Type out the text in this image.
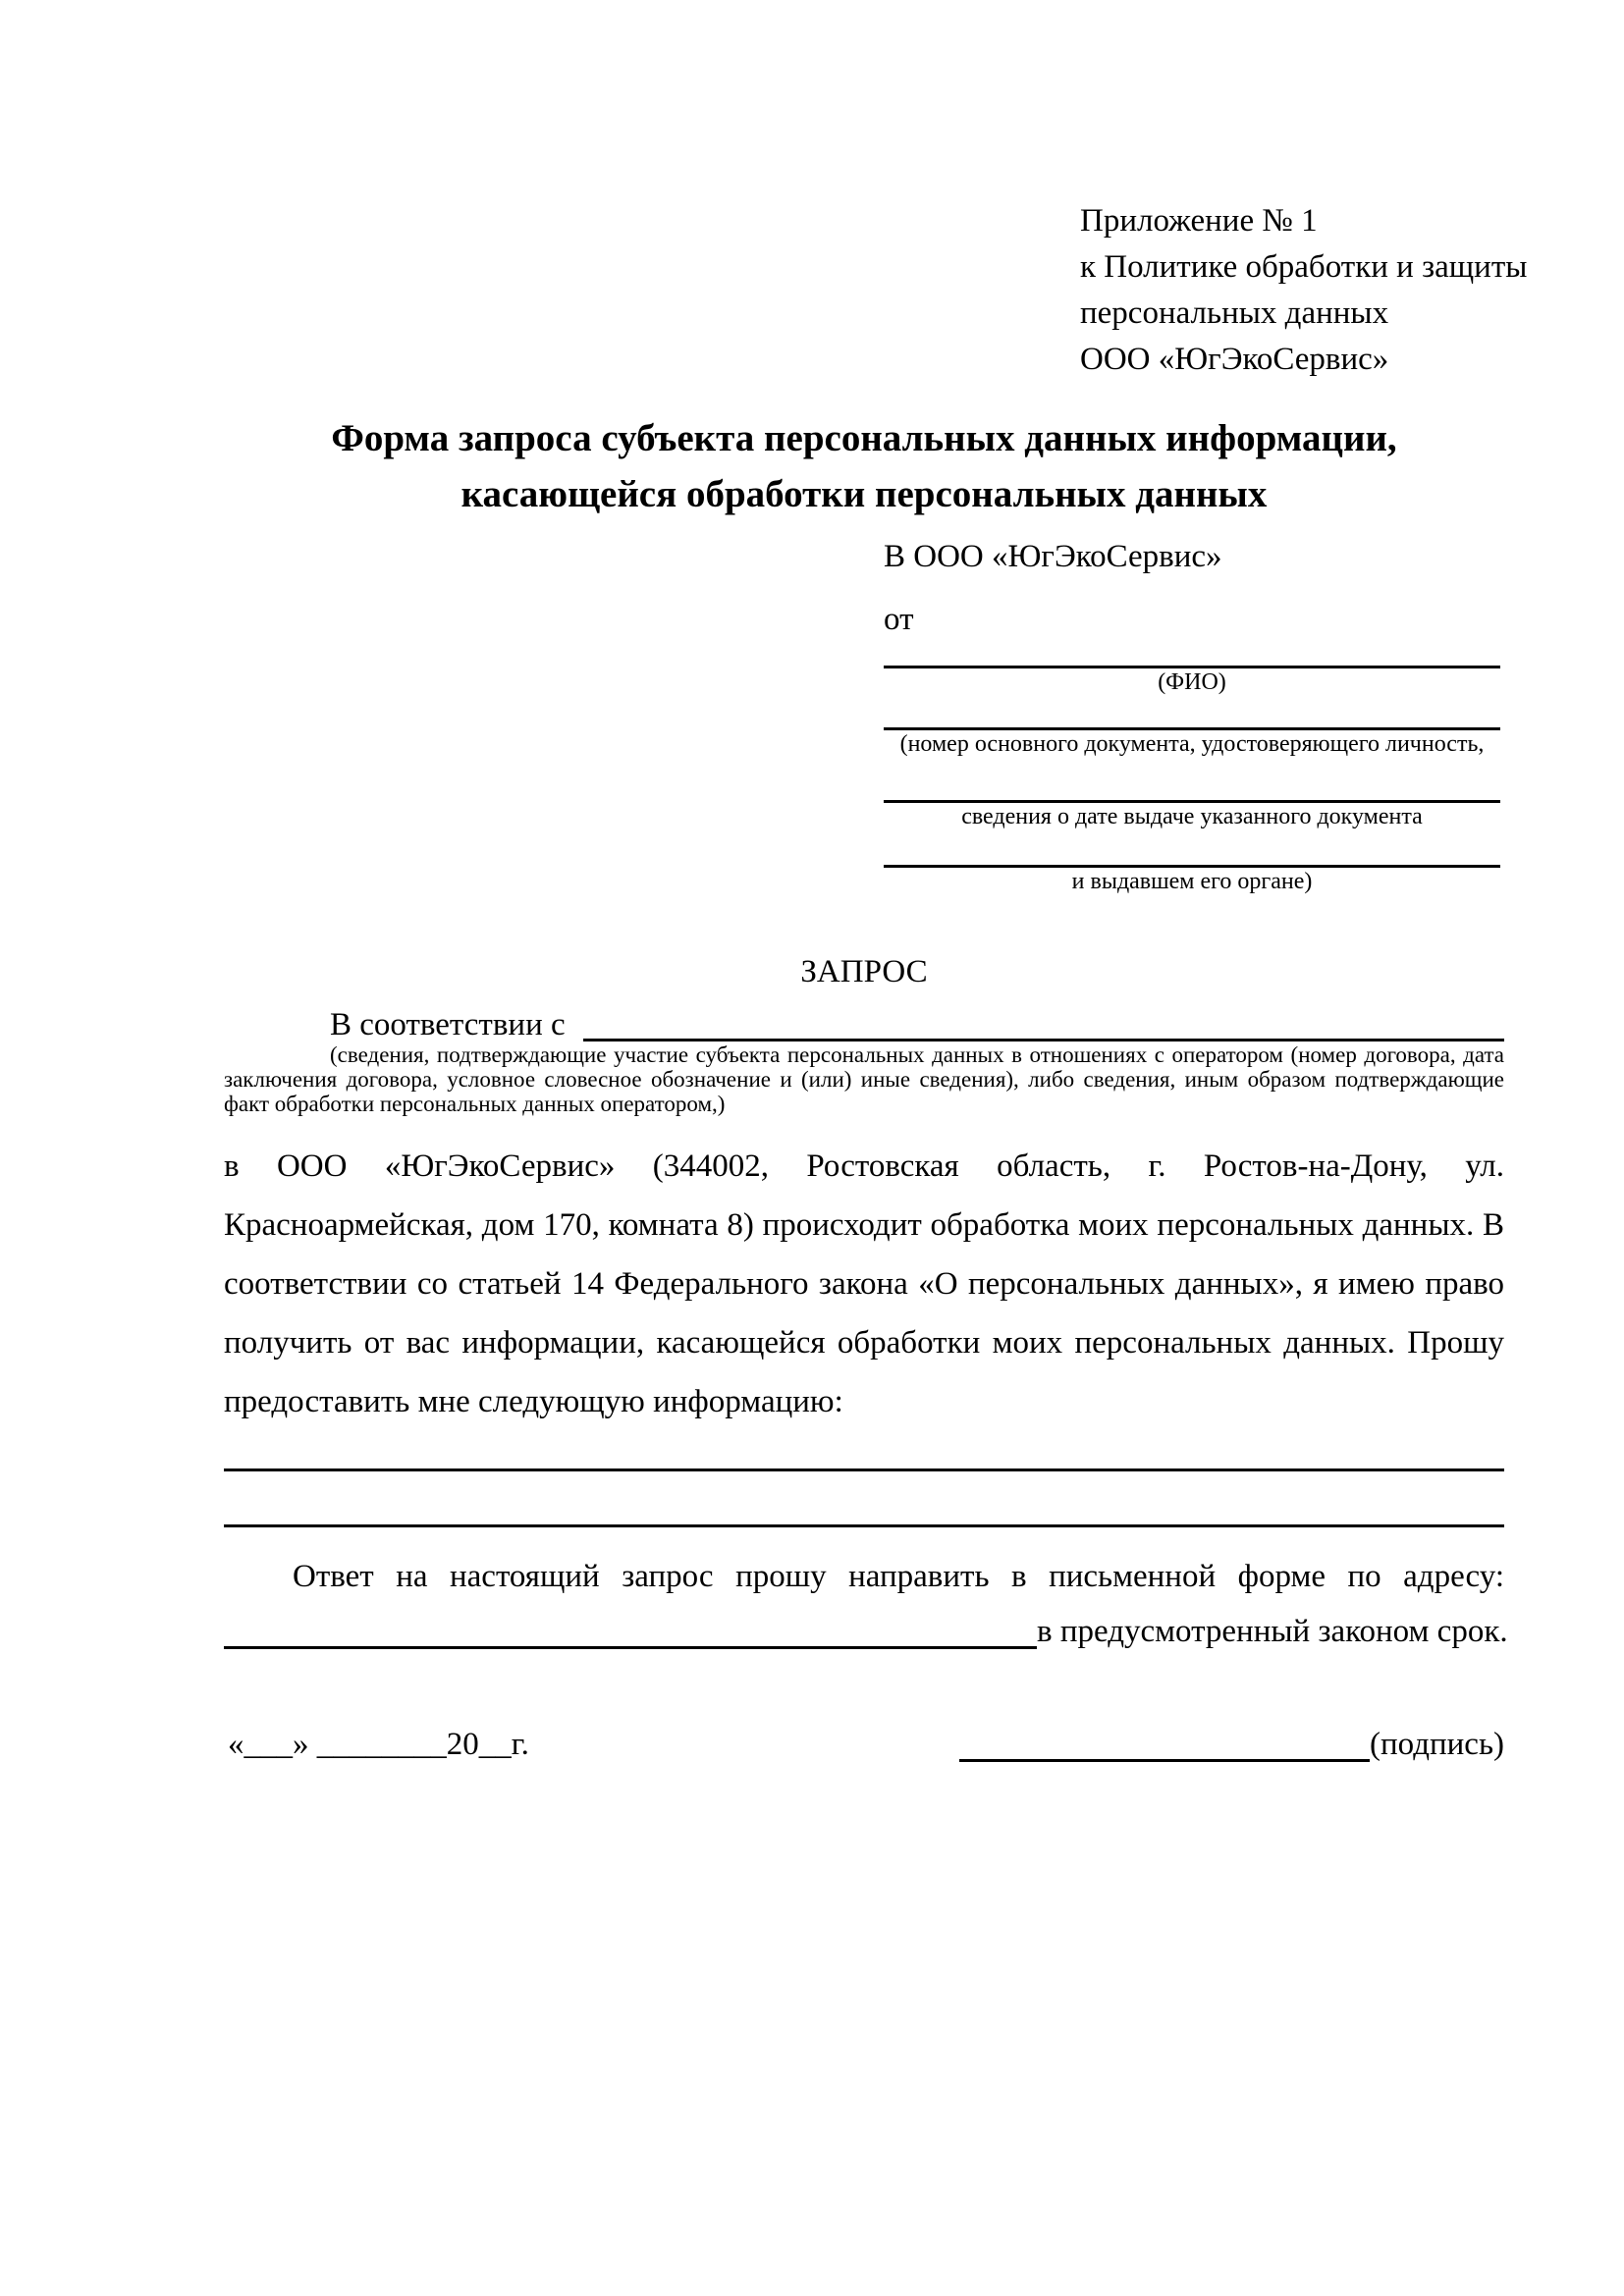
Приложение № 1
к Политике обработки и защиты
персональных данных
ООО «ЮгЭкоСервис»
Форма запроса субъекта персональных данных информации,
касающейся обработки персональных данных
В ООО «ЮгЭкоСервис»
от
(ФИО)
(номер основного документа, удостоверяющего личность,
сведения о дате выдаче указанного документа
и выдавшем его органе)
ЗАПРОС
В соответствии с
(сведения, подтверждающие участие субъекта персональных данных в отношениях с оператором (номер договора, дата заключения договора, условное словесное обозначение и (или) иные сведения), либо сведения, иным образом подтверждающие факт обработки персональных данных оператором,)
в ООО «ЮгЭкоСервис» (344002, Ростовская область, г. Ростов-на-Дону, ул. Красноармейская, дом 170, комната 8) происходит обработка моих персональных данных. В соответствии со статьей 14 Федерального закона «О персональных данных», я имею право получить от вас информации, касающейся обработки моих персональных данных. Прошу предоставить мне следующую информацию:
Ответ на настоящий запрос прошу направить в письменной форме по адресу:
в предусмотренный законом срок.
«___» ________20__г.	(подпись)
